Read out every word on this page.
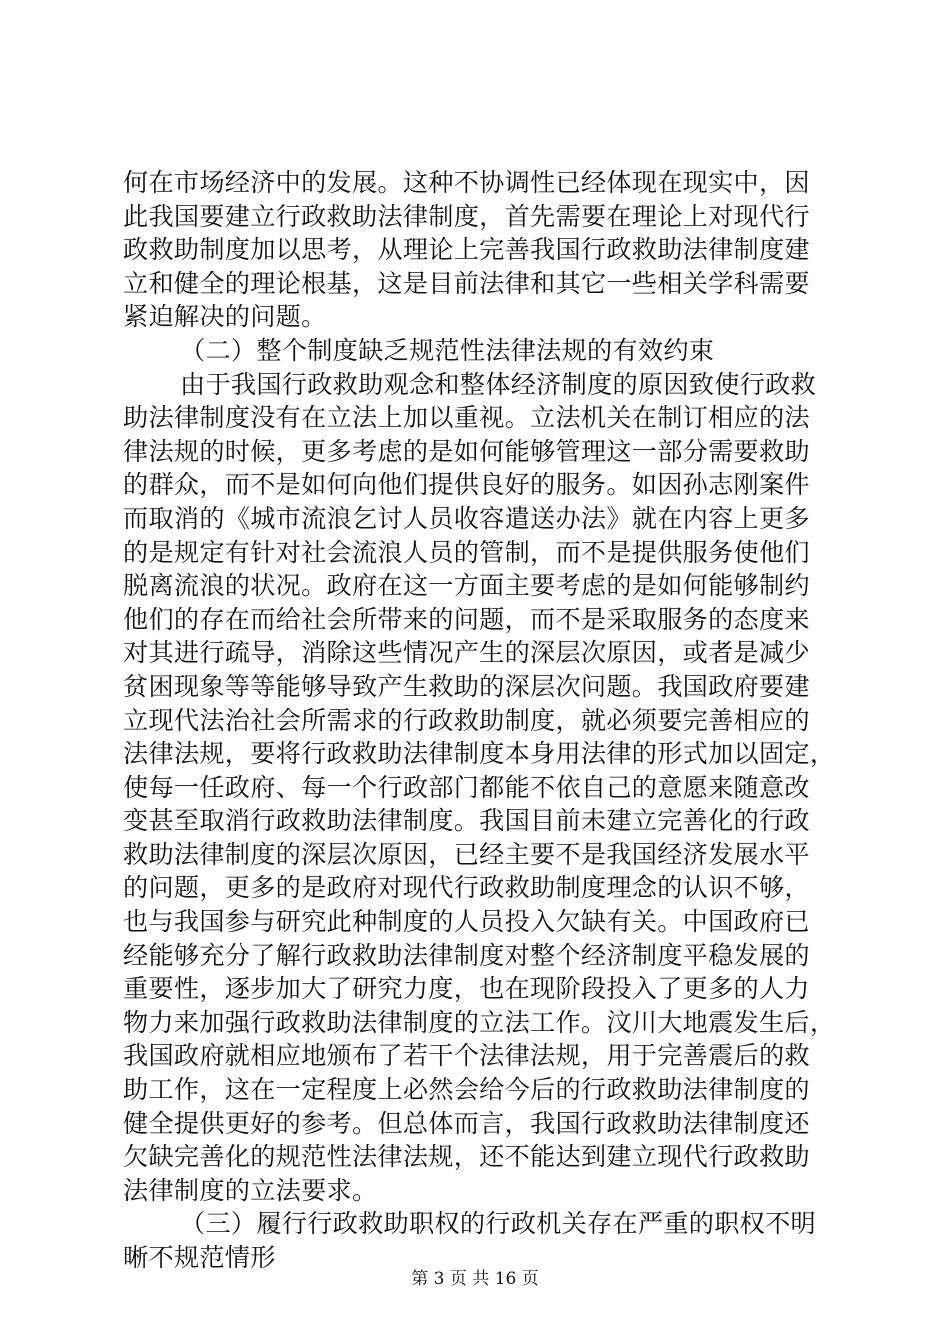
何在市场经济中的发展。这种不协调性已经体现在现实中，因
此我国要建立行政救助法律制度，首先需要在理论上对现代行
政救助制度加以思考，从理论上完善我国行政救助法律制度建
立和健全的理论根基，这是目前法律和其它一些相关学科需要
紧迫解决的问题。
（二）整个制度缺乏规范性法律法规的有效约束
由于我国行政救助观念和整体经济制度的原因致使行政救
助法律制度没有在立法上加以重视。立法机关在制订相应的法
律法规的时候，更多考虑的是如何能够管理这一部分需要救助
的群众，而不是如何向他们提供良好的服务。如因孙志刚案件
而取消的《城市流浪乞讨人员收容遣送办法》就在内容上更多
的是规定有针对社会流浪人员的管制，而不是提供服务使他们
脱离流浪的状况。政府在这一方面主要考虑的是如何能够制约
他们的存在而给社会所带来的问题，而不是采取服务的态度来
对其进行疏导，消除这些情况产生的深层次原因，或者是减少
贫困现象等等能够导致产生救助的深层次问题。我国政府要建
立现代法治社会所需求的行政救助制度，就必须要完善相应的
法律法规，要将行政救助法律制度本身用法律的形式加以固定，
使每一任政府、每一个行政部门都能不依自己的意愿来随意改
变甚至取消行政救助法律制度。我国目前未建立完善化的行政
救助法律制度的深层次原因，已经主要不是我国经济发展水平
的问题，更多的是政府对现代行政救助制度理念的认识不够，
也与我国参与研究此种制度的人员投入欠缺有关。中国政府已
经能够充分了解行政救助法律制度对整个经济制度平稳发展的
重要性，逐步加大了研究力度，也在现阶段投入了更多的人力
物力来加强行政救助法律制度的立法工作。汶川大地震发生后，
我国政府就相应地颁布了若干个法律法规，用于完善震后的救
助工作，这在一定程度上必然会给今后的行政救助法律制度的
健全提供更好的参考。但总体而言，我国行政救助法律制度还
欠缺完善化的规范性法律法规，还不能达到建立现代行政救助
法律制度的立法要求。
（三）履行行政救助职权的行政机关存在严重的职权不明
晰不规范情形
第 3 页 共 16 页
